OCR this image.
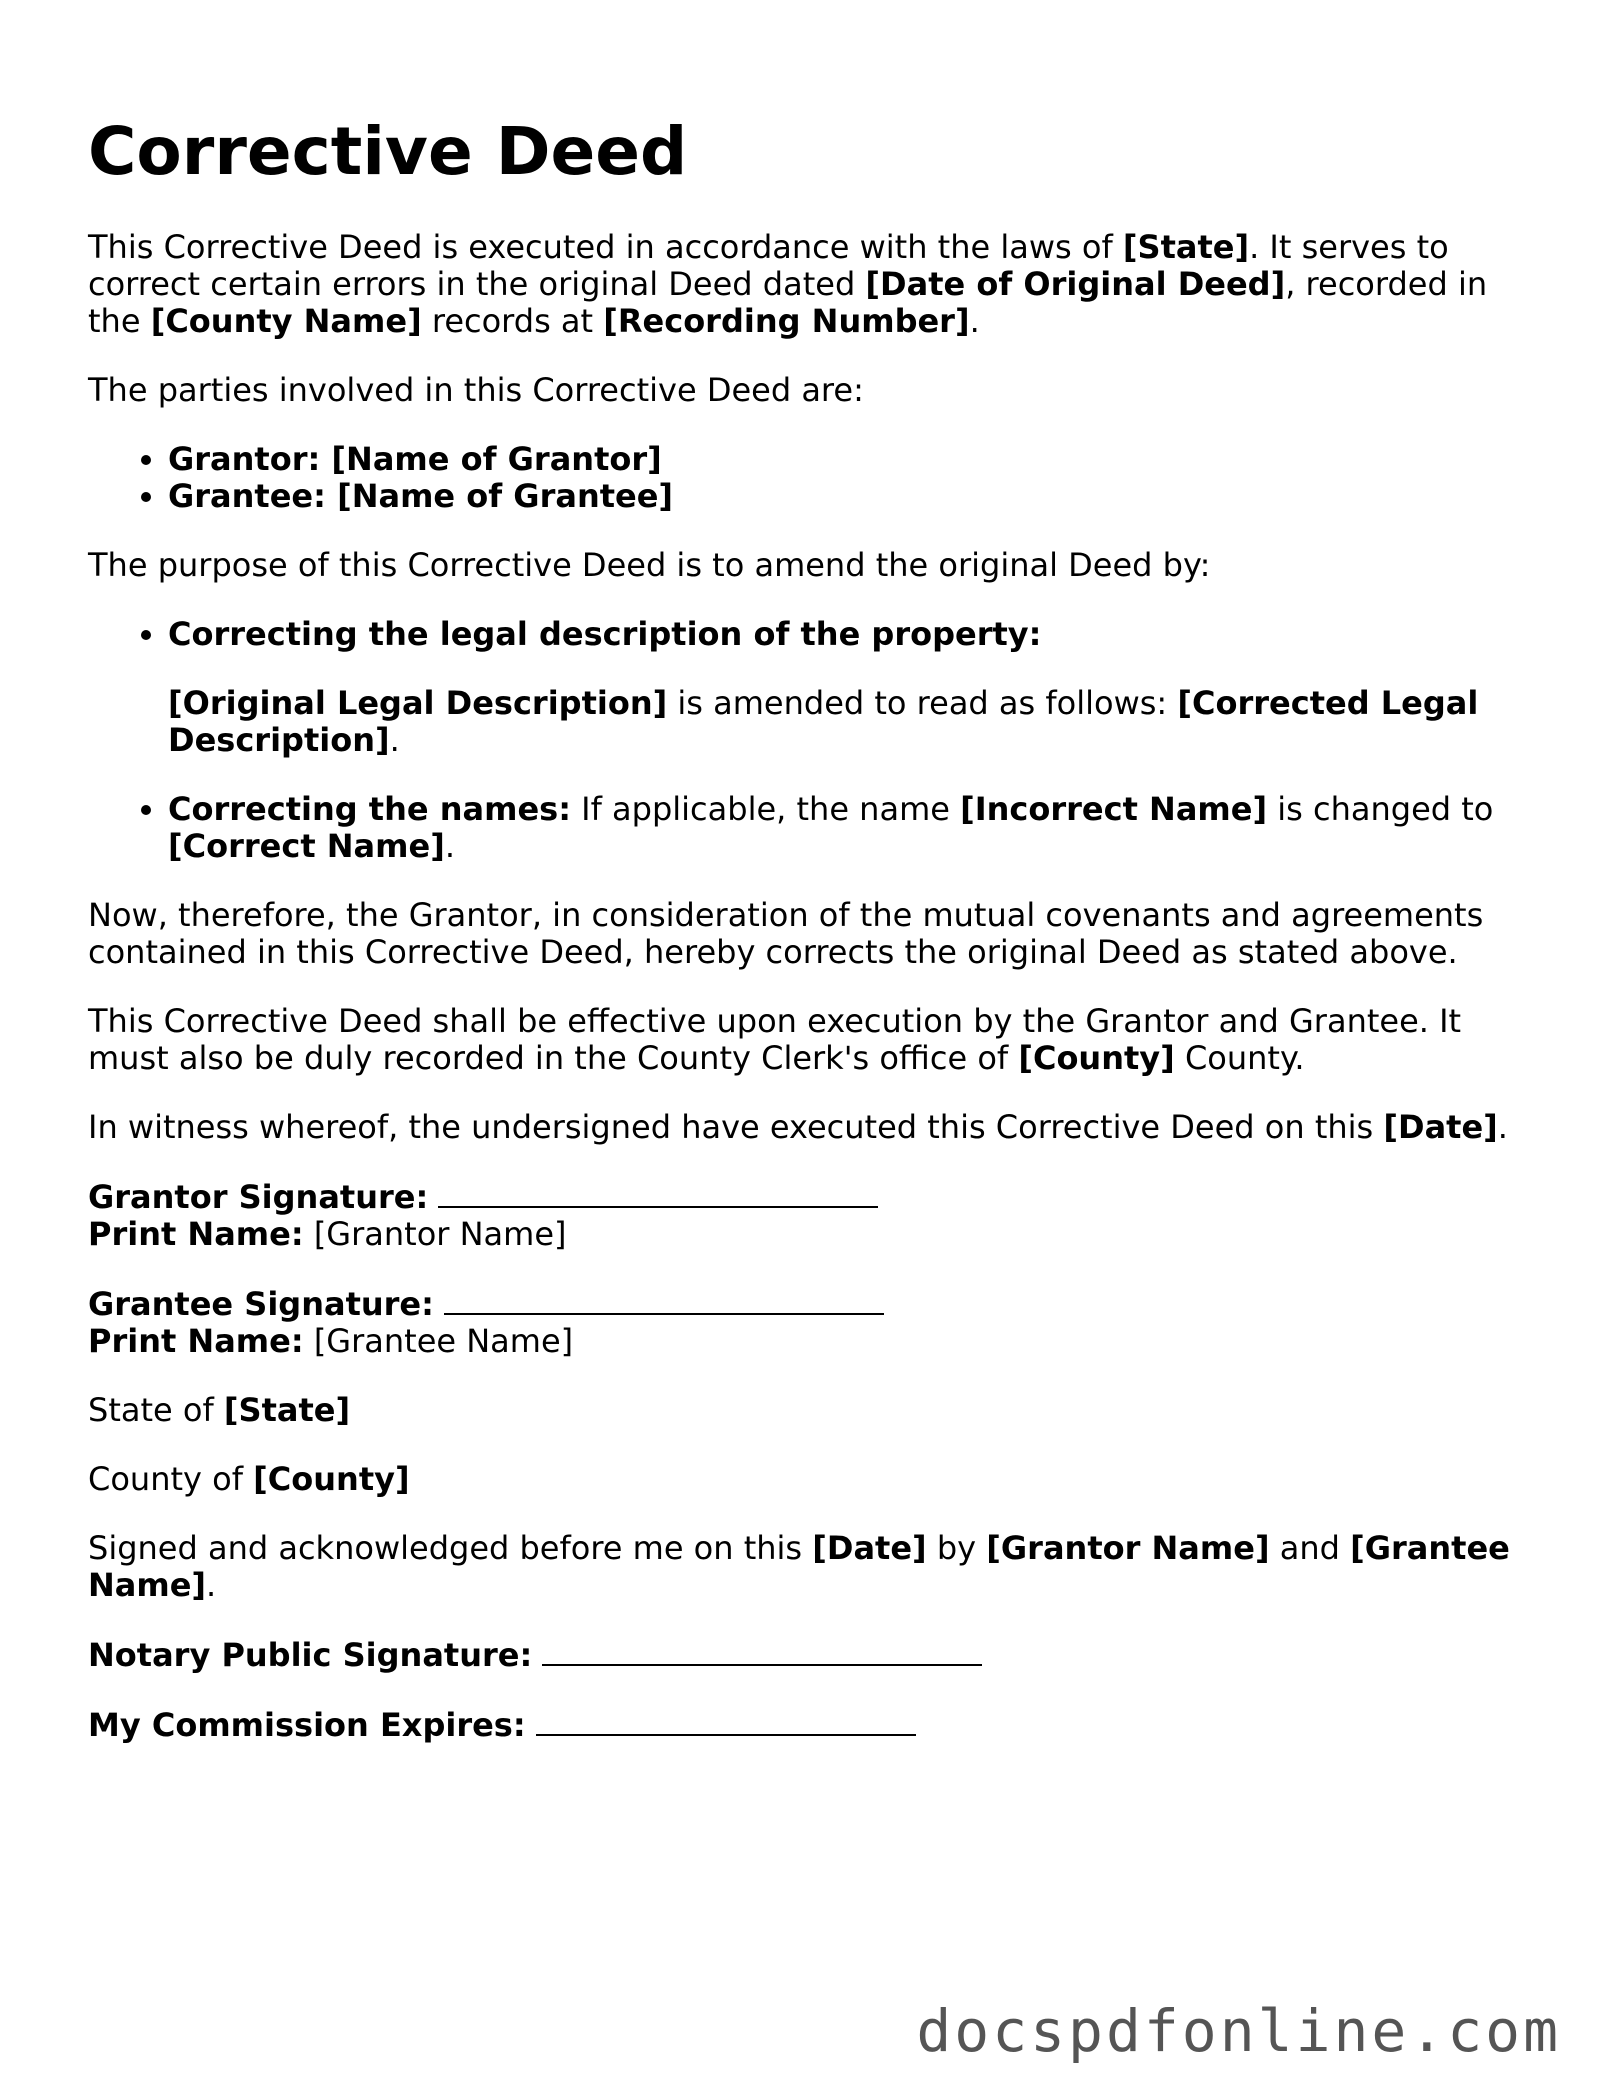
Corrective Deed

This Corrective Deed is executed in accordance with the laws of [State]. It serves to correct certain errors in the original Deed dated [Date of Original Deed], recorded in the [County Name] records at [Recording Number].

The parties involved in this Corrective Deed are:

• Grantor: [Name of Grantor]
• Grantee: [Name of Grantee]

The purpose of this Corrective Deed is to amend the original Deed by:

• Correcting the legal description of the property:

[Original Legal Description] is amended to read as follows: [Corrected Legal Description].

• Correcting the names: If applicable, the name [Incorrect Name] is changed to [Correct Name].

Now, therefore, the Grantor, in consideration of the mutual covenants and agreements contained in this Corrective Deed, hereby corrects the original Deed as stated above.

This Corrective Deed shall be effective upon execution by the Grantor and Grantee. It must also be duly recorded in the County Clerk's office of [County] County.

In witness whereof, the undersigned have executed this Corrective Deed on this [Date].

Grantor Signature:
Print Name: [Grantor Name]
Grantee Signature:
Print Name: [Grantee Name]

State of [State]

County of [County]

Signed and acknowledged before me on this [Date] by [Grantor Name] and [Grantee Name].

Notary Public Signature:

My Commission Expires:

docspdfonline.com
